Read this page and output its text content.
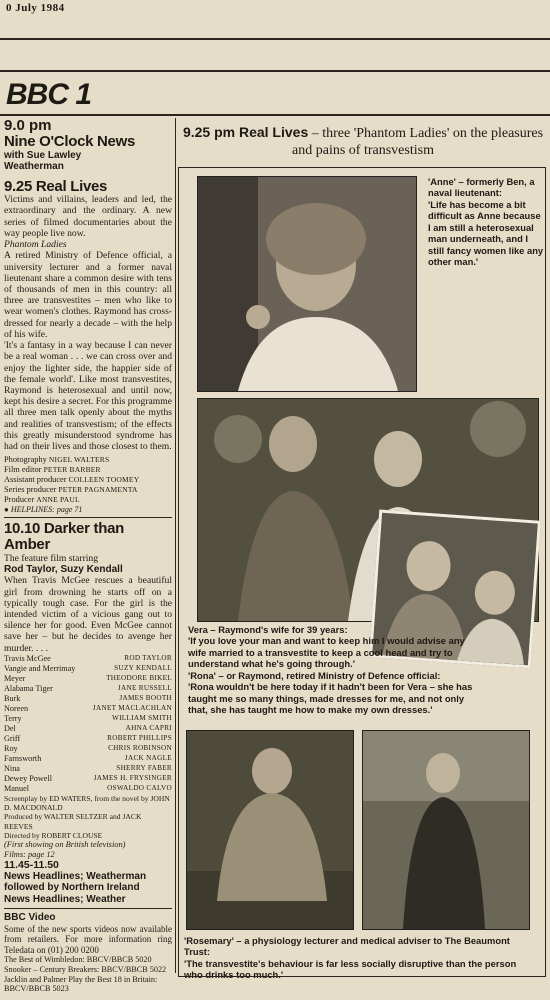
0 July 1984
BBC 1
9.0 pm
Nine O'Clock News
with Sue Lawley
Weatherman
9.25 Real Lives

Victims and villains, leaders and led, the extraordinary and the ordinary. A new series of filmed documentaries about the way people live now.

Phantom Ladies

A retired Ministry of Defence official, a university lecturer and a former naval lieutenant share a common desire with tens of thousands of men in this country: all three are transvestites – men who like to wear women's clothes. Raymond has cross-dressed for nearly a decade – with the help of his wife.

'It's a fantasy in a way because I can never be a real woman . . . we can cross over and enjoy the lighter side, the happier side of the female world'. Like most transvestites, Raymond is heterosexual and until now, kept his desire a secret. For this programme all three men talk openly about the myths and realities of transvestism; of the effects this greatly misunderstood syndrome has had on their lives and those closest to them.

Photography NIGEL WALTERS
Film editor PETER BARBER
Assistant producer COLLEEN TOOMEY
Series producer PETER PAGNAMENTA
Producer ANNE PAUL
● HELPLINES: page 71
10.10 Darker than Amber
The feature film starring
Rod Taylor, Suzy Kendall

When Travis McGee rescues a beautiful girl from drowning he starts off on a typically tough case. For the girl is the intended victim of a vicious gang out to silence her for good. Even McGee cannot save her – but he decides to avenge her murder. . . .

Travis McGee	ROD TAYLOR
Vangie and Merrimay	SUZY KENDALL
Meyer	THEODORE BIKEL
Alabama Tiger	JANE RUSSELL
Burk	JAMES BOOTH
Noreen	JANET MACLACHLAN
Terry	WILLIAM SMITH
Del	AHNA CAPRI
Griff	ROBERT PHILLIPS
Roy	CHRIS ROBINSON
Farnsworth	JACK NAGLE
Nina	SHERRY FABER
Dewey Powell	JAMES H. FRYSINGER
Manuel	OSWALDO CALVO
Screenplay by ED WATERS, from the novel by JOHN D. MACDONALD
Produced by WALTER SELTZER and JACK REEVES
Directed by ROBERT CLOUSE
(First showing on British television)
Films: page 12
11.45-11.50
News Headlines; Weatherman
followed by Northern Ireland
News Headlines; Weather
BBC Video

Some of the new sports videos now available from retailers. For more information ring Teledata on (01) 200 0200

The Best of Wimbledon: BBCV/BBCB 5020
Snooker – Century Breakers: BBCV/BBCB 5022
Jacklin and Palmer Play the Best 18 in Britain: BBCV/BBCB 5023
9.25 pm Real Lives – three 'Phantom Ladies' on the pleasures and pains of transvestism
'Anne' – formerly Ben, a naval lieutenant:
'Life has become a bit difficult as Anne because I am still a heterosexual man underneath, and I still fancy women like any other man.'
Vera – Raymond's wife for 39 years:
'If you love your man and want to keep him I would advise any wife married to a transvestite to keep a cool head and try to understand what he's going through.'
'Rona' – or Raymond, retired Ministry of Defence official:
'Rona wouldn't be here today if it hadn't been for Vera – she has taught me so many things, made dresses for me, and not only that, she has taught me how to make my own dresses.'
'Rosemary' – a physiology lecturer and medical adviser to The Beaumont Trust:
'The transvestite's behaviour is far less socially disruptive than the person who drinks too much.'
